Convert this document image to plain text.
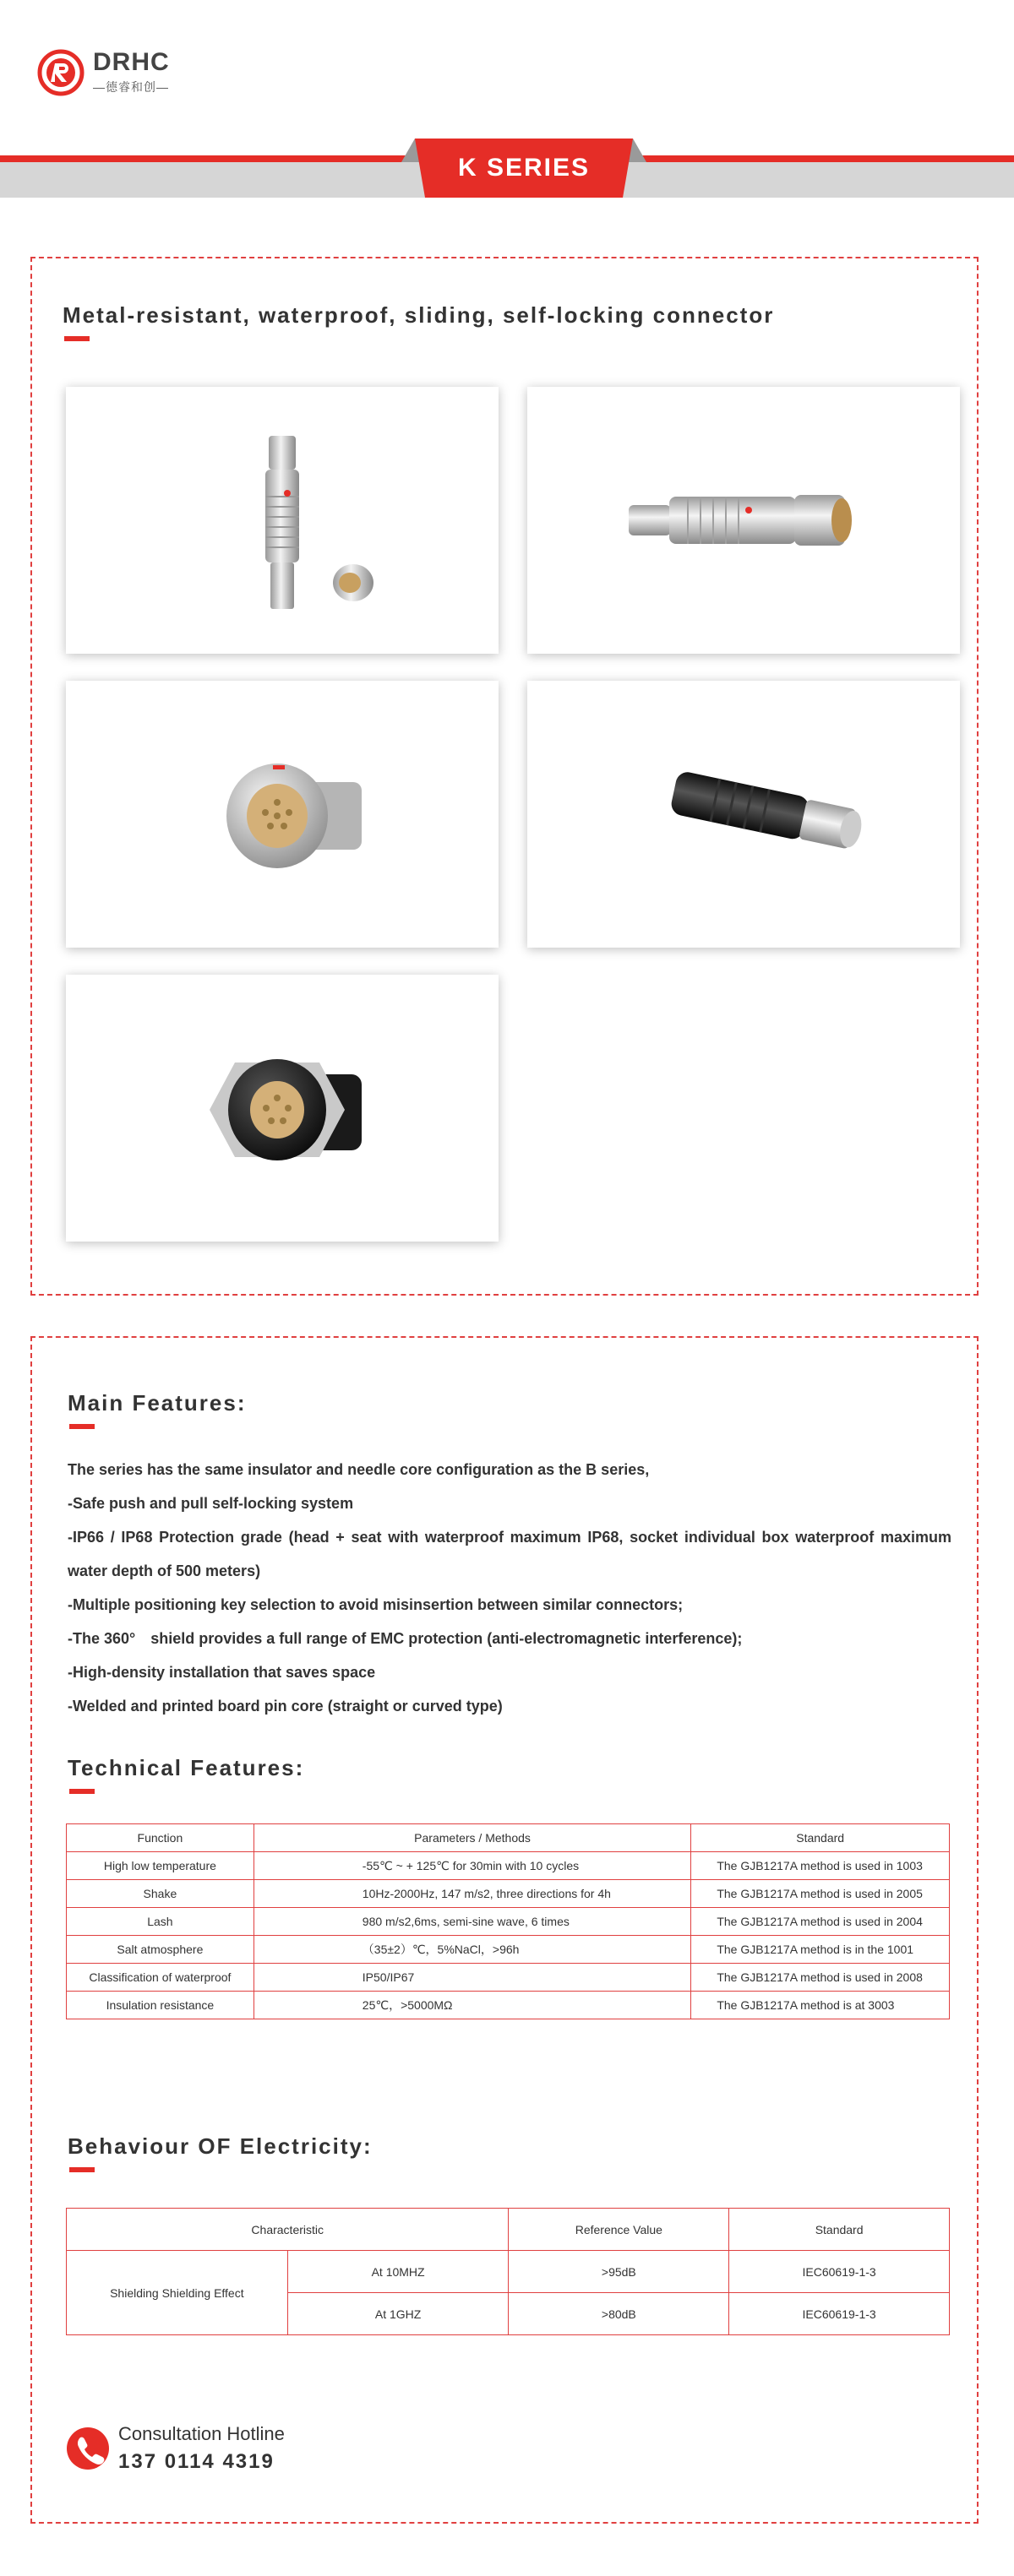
DRHC
—德睿和创—
K SERIES
Metal-resistant, waterproof, sliding, self-locking connector
Main Features:

The series has the same insulator and needle core configuration as the B series,

-Safe push and pull self-locking system

-IP66 / IP68 Protection grade (head + seat with waterproof maximum IP68, socket individual box waterproof maximum water depth of 500 meters)

-Multiple positioning key selection to avoid misinsertion between similar connectors;

-The 360°　shield provides a full range of EMC protection (anti-electromagnetic interference);

-High-density installation that saves space

-Welded and printed board pin core (straight or curved type)

Technical Features:
Function	Parameters / Methods	Standard
High low temperature	-55℃ ~ + 125℃ for 30min with 10 cycles	The GJB1217A method is used in 1003
Shake	10Hz-2000Hz, 147 m/s2, three directions for 4h	The GJB1217A method is used in 2005
Lash	980 m/s2,6ms, semi-sine wave, 6 times	The GJB1217A method is used in 2004
Salt atmosphere	（35±2）℃，5%NaCl，>96h	The GJB1217A method is in the 1001
Classification of waterproof	IP50/IP67	The GJB1217A method is used in 2008
Insulation resistance	25℃，>5000MΩ	The GJB1217A method is at 3003
Behaviour OF Electricity:
Characteristic		Reference Value	Standard
Shielding Shielding Effect	At 10MHZ	>95dB	IEC60619-1-3
	At 1GHZ	>80dB	IEC60619-1-3
Consultation Hotline
137 0114 4319
